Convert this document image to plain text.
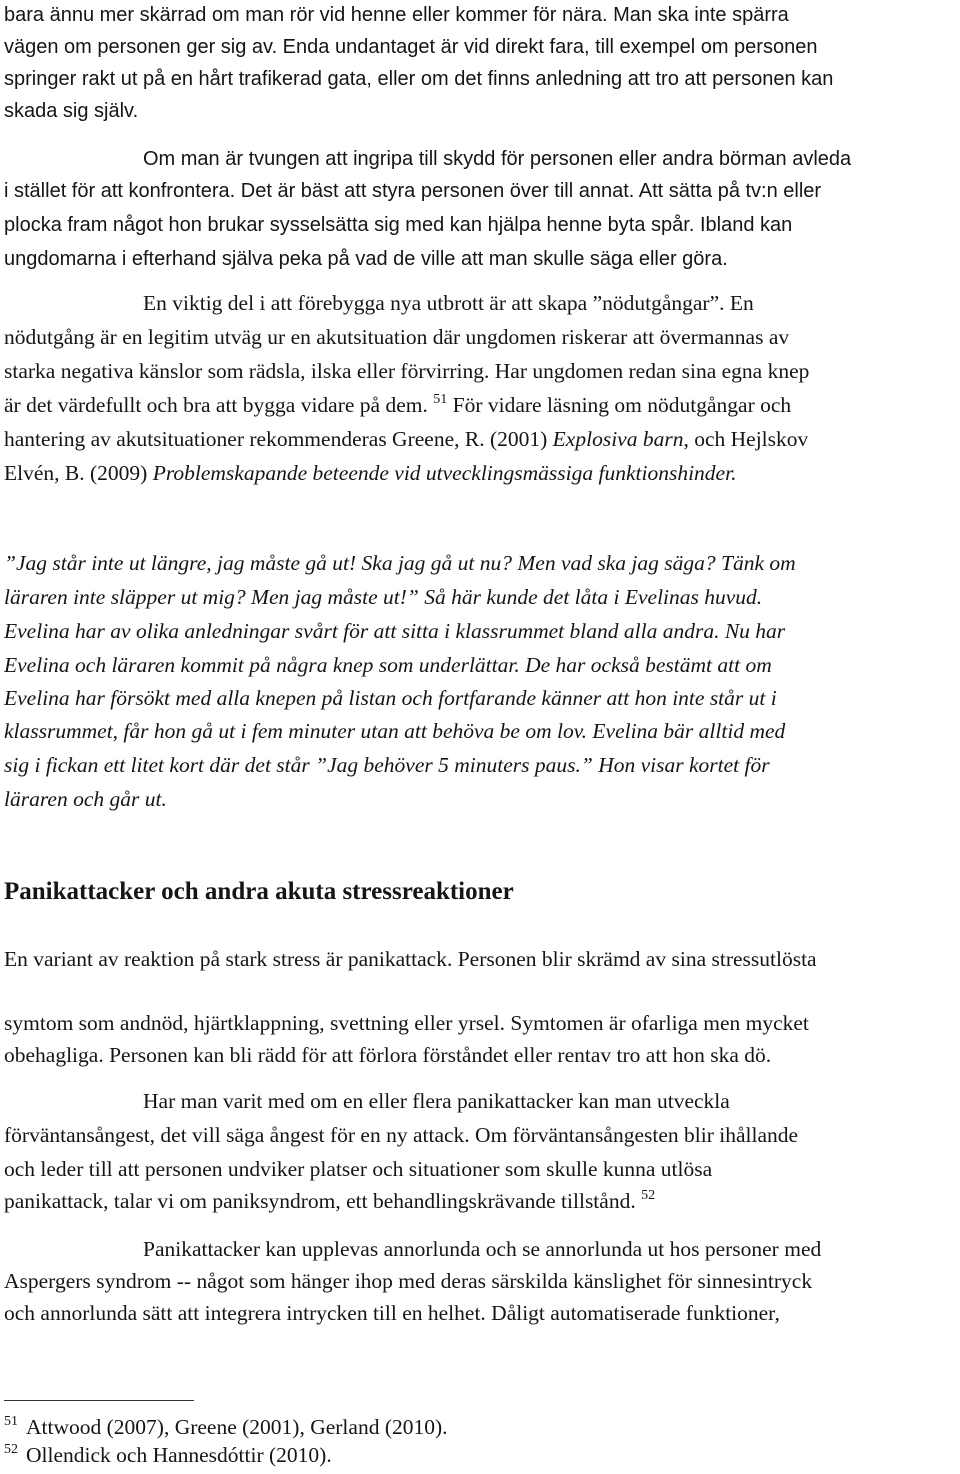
bara ännu mer skärrad om man rör vid henne eller kommer för nära. Man ska inte spärra
vägen om personen ger sig av. Enda undantaget är vid direkt fara, till exempel om personen
springer rakt ut på en hårt trafikerad gata, eller om det finns anledning att tro att personen kan
skada sig själv.
Om man är tvungen att ingripa till skydd för personen eller andra börman avleda
i stället för att konfrontera. Det är bäst att styra personen över till annat. Att sätta på tv:n eller
plocka fram något hon brukar sysselsätta sig med kan hjälpa henne byta spår. Ibland kan
ungdomarna i efterhand själva peka på vad de ville att man skulle säga eller göra.
En viktig del i att förebygga nya utbrott är att skapa ”nödutgångar”. En
nödutgång är en legitim utväg ur en akutsituation där ungdomen riskerar att övermannas av
starka negativa känslor som rädsla, ilska eller förvirring. Har ungdomen redan sina egna knep
är det värdefullt och bra att bygga vidare på dem. $^{51}$ För vidare läsning om nödutgångar och
hantering av akutsituationer rekommenderas Greene, R. (2001) Explosiva barn, och Hejlskov
Elvén, B. (2009) Problemskapande beteende vid utvecklingsmässiga funktionshinder.
”Jag står inte ut längre, jag måste gå ut! Ska jag gå ut nu? Men vad ska jag säga? Tänk om
läraren inte släpper ut mig? Men jag måste ut!” Så här kunde det låta i Evelinas huvud.
Evelina har av olika anledningar svårt för att sitta i klassrummet bland alla andra. Nu har
Evelina och läraren kommit på några knep som underlättar. De har också bestämt att om
Evelina har försökt med alla knepen på listan och fortfarande känner att hon inte står ut i
klassrummet, får hon gå ut i fem minuter utan att behöva be om lov. Evelina bär alltid med
sig i fickan ett litet kort där det står ”Jag behöver 5 minuters paus.” Hon visar kortet för
läraren och går ut.
Panikattacker och andra akuta stressreaktioner
En variant av reaktion på stark stress är panikattack. Personen blir skrämd av sina stressutlösta
symtom som andnöd, hjärtklappning, svettning eller yrsel. Symtomen är ofarliga men mycket
obehagliga. Personen kan bli rädd för att förlora förståndet eller rentav tro att hon ska dö.
Har man varit med om en eller flera panikattacker kan man utveckla
förväntansångest, det vill säga ångest för en ny attack. Om förväntansångesten blir ihållande
och leder till att personen undviker platser och situationer som skulle kunna utlösa
panikattack, talar vi om paniksyndrom, ett behandlingskrävande tillstånd. $^{52}$
Panikattacker kan upplevas annorlunda och se annorlunda ut hos personer med
Aspergers syndrom -- något som hänger ihop med deras särskilda känslighet för sinnesintryck
och annorlunda sätt att integrera intrycken till en helhet. Dåligt automatiserade funktioner,
$^{51}$ Attwood (2007), Greene (2001), Gerland (2010).
$^{52}$ Ollendick och Hannesdóttir (2010).
